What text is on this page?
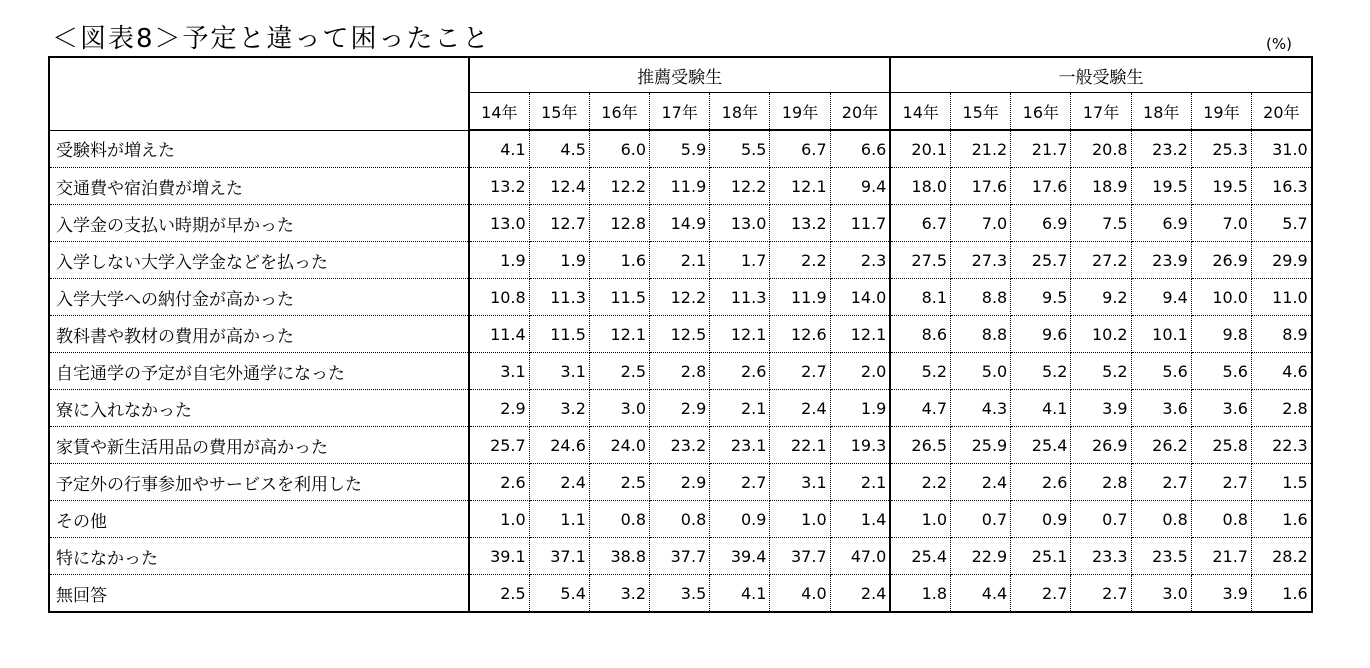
＜図表8＞予定と違って困ったこと	(%)
	推薦受験生							一般受験生						
	14年	15年	16年	17年	18年	19年	20年	14年	15年	16年	17年	18年	19年	20年
受験料が増えた	4.1	4.5	6.0	5.9	5.5	6.7	6.6	20.1	21.2	21.7	20.8	23.2	25.3	31.0
交通費や宿泊費が増えた	13.2	12.4	12.2	11.9	12.2	12.1	9.4	18.0	17.6	17.6	18.9	19.5	19.5	16.3
入学金の支払い時期が早かった	13.0	12.7	12.8	14.9	13.0	13.2	11.7	6.7	7.0	6.9	7.5	6.9	7.0	5.7
入学しない大学入学金などを払った	1.9	1.9	1.6	2.1	1.7	2.2	2.3	27.5	27.3	25.7	27.2	23.9	26.9	29.9
入学大学への納付金が高かった	10.8	11.3	11.5	12.2	11.3	11.9	14.0	8.1	8.8	9.5	9.2	9.4	10.0	11.0
教科書や教材の費用が高かった	11.4	11.5	12.1	12.5	12.1	12.6	12.1	8.6	8.8	9.6	10.2	10.1	9.8	8.9
自宅通学の予定が自宅外通学になった	3.1	3.1	2.5	2.8	2.6	2.7	2.0	5.2	5.0	5.2	5.2	5.6	5.6	4.6
寮に入れなかった	2.9	3.2	3.0	2.9	2.1	2.4	1.9	4.7	4.3	4.1	3.9	3.6	3.6	2.8
家賃や新生活用品の費用が高かった	25.7	24.6	24.0	23.2	23.1	22.1	19.3	26.5	25.9	25.4	26.9	26.2	25.8	22.3
予定外の行事参加やサービスを利用した	2.6	2.4	2.5	2.9	2.7	3.1	2.1	2.2	2.4	2.6	2.8	2.7	2.7	1.5
その他	1.0	1.1	0.8	0.8	0.9	1.0	1.4	1.0	0.7	0.9	0.7	0.8	0.8	1.6
特になかった	39.1	37.1	38.8	37.7	39.4	37.7	47.0	25.4	22.9	25.1	23.3	23.5	21.7	28.2
無回答	2.5	5.4	3.2	3.5	4.1	4.0	2.4	1.8	4.4	2.7	2.7	3.0	3.9	1.6
